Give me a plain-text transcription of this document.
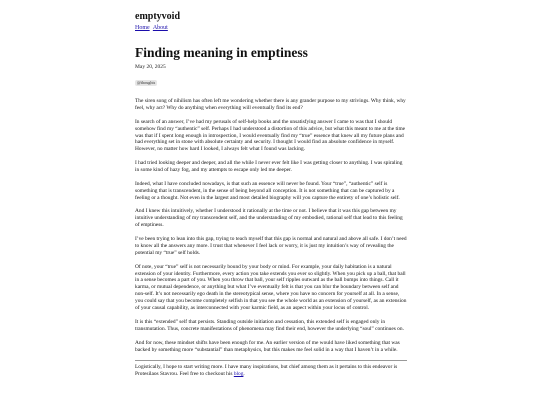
emptyvoid
Home About
Finding meaning in emptiness
May 20, 2025
@thoughts

The siren song of nihilism has often left me wondering whether there is any grander purpose to my strivings. Why think, why feel, why act? Why do anything when everything will eventually find its end?

In search of an answer, I’ve had my perusals of self-help books and the unsatisfying answer I came to was that I should somehow find my “authentic” self. Perhaps I had understood a distortion of this advice, but what this meant to me at the time was that if I spent long enough in introspection, I would eventually find my “true” essence that knew all my future plans and had everything set in stone with absolute certainty and security. I thought I would find an absolute confidence in myself. However, no matter how hard I looked, I always felt what I found was lacking.

I had tried looking deeper and deeper, and all the while I never ever felt like I was getting closer to anything. I was spiraling in some kind of hazy fog, and my attempts to escape only led me deeper.

Indeed, what I have concluded nowadays, is that such an essence will never be found. Your “true”, “authentic” self is something that is transcendent, in the sense of being beyond all conception. It is not something that can be captured by a feeling or a thought. Not even in the largest and most detailed biography will you capture the entirety of one’s holistic self.

And I knew this intuitively, whether I understood it rationally at the time or not. I believe that it was this gap between my intuitive understanding of my transcendent self, and the understanding of my embodied, rational self that lead to this feeling of emptiness.

I’ve been trying to lean into this gap, trying to teach myself that this gap is normal and natural and above all safe. I don’t need to know all the answers any more. I trust that whenever I feel lack or worry, it is just my intuition’s way of revealing the potential my “true” self holds.

Of note, your “true” self is not necessarily bound by your body or mind. For example, your daily habitation is a natural extension of your identity. Furthermore, every action you take extends you ever so slightly. When you pick up a ball, that ball in a sense becomes a part of you. When you throw that ball, your self ripples outward as the ball bumps into things. Call it karma, or mutual dependence, or anything but what I’ve eventually felt is that you can blur the boundary between self and non-self. It’s not necessarily ego death in the stereotypical sense, where you have no concern for yourself at all. In a sense, you could say that you become completely selfish in that you see the whole world as an extension of yourself, as an extension of your causal capability, as interconnected with your karmic field, as an aspect within your locus of control.

It is this “extended” self that persists. Standing outside initiation and cessation, this extended self is engaged only in transmutation. Thus, concrete manifestations of phenomena may find their end, however the underlying “soul” continues on.

And for now, these mindset shifts have been enough for me. An earlier version of me would have liked something that was backed by something more “substantial” than metaphysics, but this makes me feel solid in a way that I haven’t in a while.

Logistically, I hope to start writing more. I have many inspirations, but chief among them as it pertains to this endeavor is Protesilaos Stavrou. Feel free to checkout his blog.
